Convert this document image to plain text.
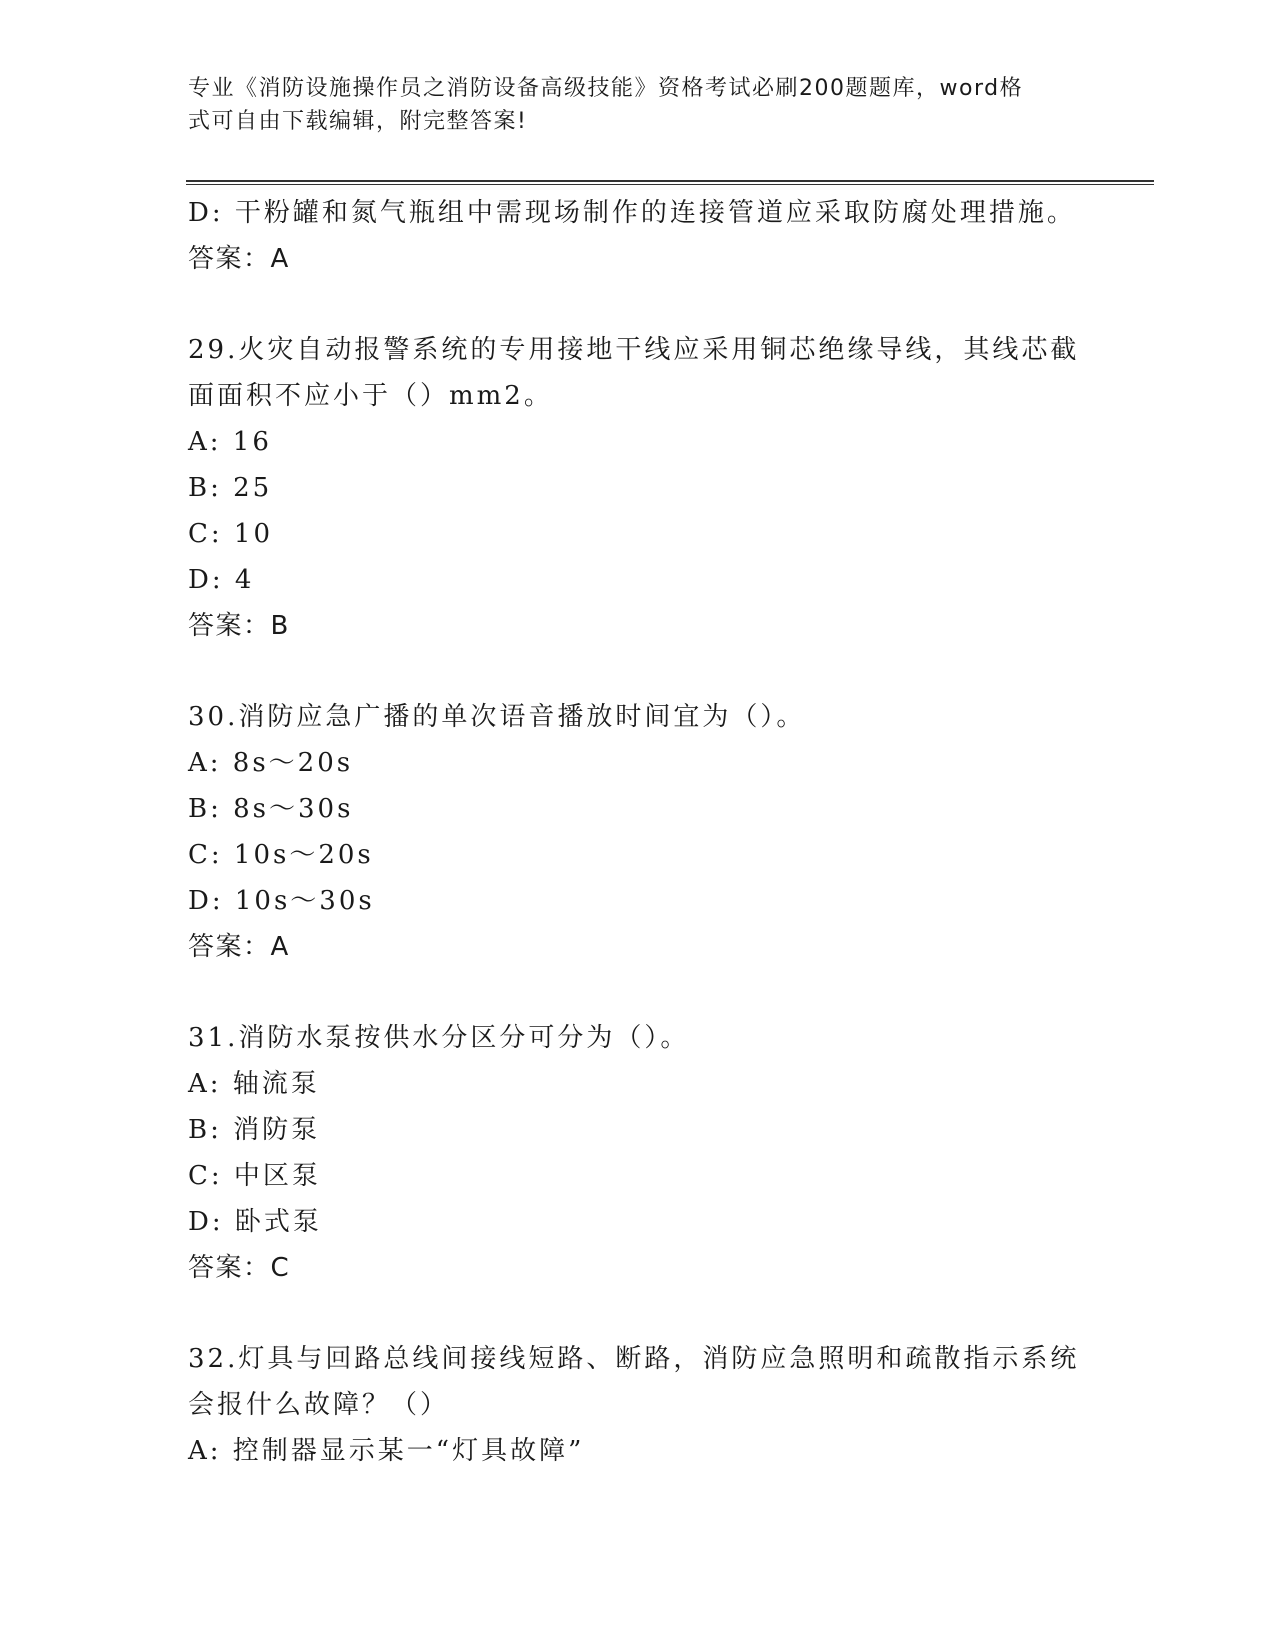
专业《消防设施操作员之消防设备高级技能》资格考试必刷200题题库，word格
式可自由下载编辑，附完整答案!
D: 干粉罐和氮气瓶组中需现场制作的连接管道应采取防腐处理措施。
答案：A
29.火灾自动报警系统的专用接地干线应采用铜芯绝缘导线，其线芯截
面面积不应小于（）mm2。
A: 16
B: 25
C: 10
D: 4
答案：B
30.消防应急广播的单次语音播放时间宜为（）。
A: 8s～20s
B: 8s～30s
C: 10s～20s
D: 10s～30s
答案：A
31.消防水泵按供水分区分可分为（）。
A: 轴流泵
B: 消防泵
C: 中区泵
D: 卧式泵
答案：C
32.灯具与回路总线间接线短路、断路，消防应急照明和疏散指示系统
会报什么故障？（）
A: 控制器显示某一“灯具故障”
